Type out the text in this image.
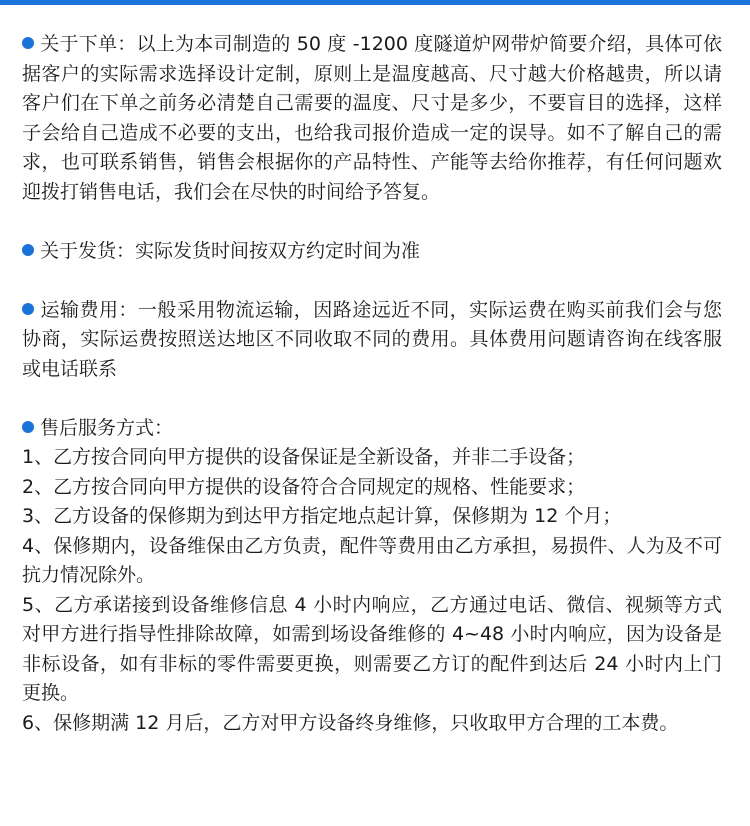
关于下单：以上为本司制造的 50 度 -1200 度隧道炉网带炉简要介绍，具体可依据客户的实际需求选择设计定制，原则上是温度越高、尺寸越大价格越贵，所以请客户们在下单之前务必清楚自己需要的温度、尺寸是多少，不要盲目的选择，这样子会给自己造成不必要的支出，也给我司报价造成一定的误导。如不了解自己的需求，也可联系销售，销售会根据你的产品特性、产能等去给你推荐，有任何问题欢迎拨打销售电话，我们会在尽快的时间给予答复。
关于发货：实际发货时间按双方约定时间为准
运输费用：一般采用物流运输，因路途远近不同，实际运费在购买前我们会与您协商，实际运费按照送达地区不同收取不同的费用。具体费用问题请咨询在线客服或电话联系
售后服务方式：
1、乙方按合同向甲方提供的设备保证是全新设备，并非二手设备；
2、乙方按合同向甲方提供的设备符合合同规定的规格、性能要求；
3、乙方设备的保修期为到达甲方指定地点起计算，保修期为 12 个月；
4、保修期内，设备维保由乙方负责，配件等费用由乙方承担，易损件、人为及不可抗力情况除外。
5、乙方承诺接到设备维修信息 4 小时内响应，乙方通过电话、微信、视频等方式对甲方进行指导性排除故障，如需到场设备维修的 4~48 小时内响应，因为设备是非标设备，如有非标的零件需要更换，则需要乙方订的配件到达后 24 小时内上门更换。
6、保修期满 12 月后，乙方对甲方设备终身维修，只收取甲方合理的工本费。
